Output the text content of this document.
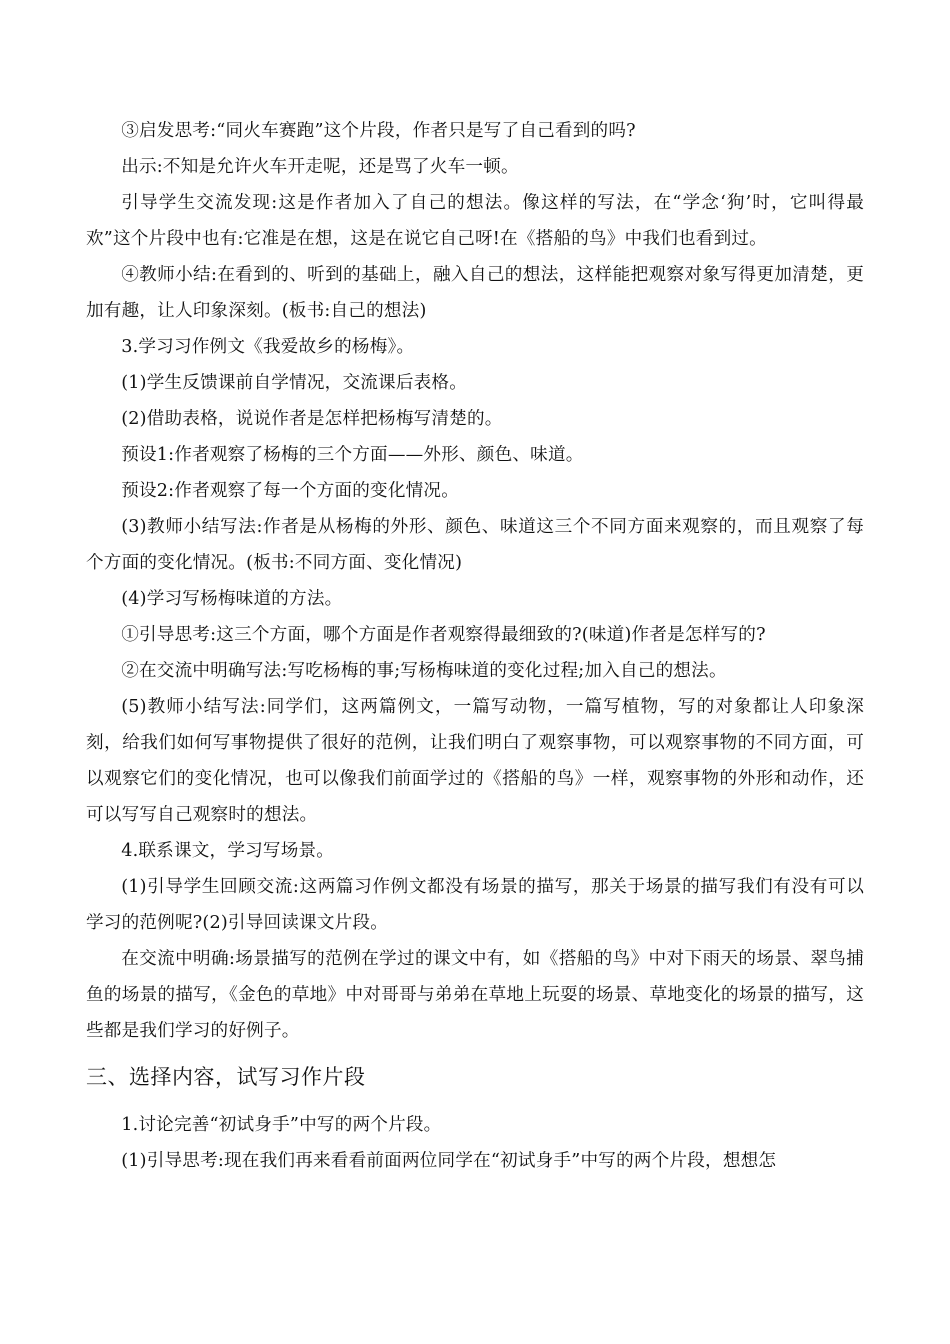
③启发思考:“同火车赛跑”这个片段，作者只是写了自己看到的吗?

出示:不知是允许火车开走呢，还是骂了火车一顿。

引导学生交流发现:这是作者加入了自己的想法。像这样的写法，在“学念‘狗’时，它叫得最欢”这个片段中也有:它准是在想，这是在说它自己呀!在《搭船的鸟》中我们也看到过。

④教师小结:在看到的、听到的基础上，融入自己的想法，这样能把观察对象写得更加清楚，更加有趣，让人印象深刻。(板书:自己的想法)

3.学习习作例文《我爱故乡的杨梅》。

(1)学生反馈课前自学情况，交流课后表格。

(2)借助表格，说说作者是怎样把杨梅写清楚的。

预设1:作者观察了杨梅的三个方面——外形、颜色、味道。

预设2:作者观察了每一个方面的变化情况。

(3)教师小结写法:作者是从杨梅的外形、颜色、味道这三个不同方面来观察的，而且观察了每个方面的变化情况。(板书:不同方面、变化情况)

(4)学习写杨梅味道的方法。

①引导思考:这三个方面，哪个方面是作者观察得最细致的?(味道)作者是怎样写的?

②在交流中明确写法:写吃杨梅的事;写杨梅味道的变化过程;加入自己的想法。

(5)教师小结写法:同学们，这两篇例文，一篇写动物，一篇写植物，写的对象都让人印象深刻，给我们如何写事物提供了很好的范例，让我们明白了观察事物，可以观察事物的不同方面，可以观察它们的变化情况，也可以像我们前面学过的《搭船的鸟》一样，观察事物的外形和动作，还可以写写自己观察时的想法。

4.联系课文，学习写场景。

(1)引导学生回顾交流:这两篇习作例文都没有场景的描写，那关于场景的描写我们有没有可以学习的范例呢?(2)引导回读课文片段。

在交流中明确:场景描写的范例在学过的课文中有，如《搭船的鸟》中对下雨天的场景、翠鸟捕鱼的场景的描写，《金色的草地》中对哥哥与弟弟在草地上玩耍的场景、草地变化的场景的描写，这些都是我们学习的好例子。

三、选择内容，试写习作片段

1.讨论完善“初试身手”中写的两个片段。

(1)引导思考:现在我们再来看看前面两位同学在“初试身手”中写的两个片段，想想怎
